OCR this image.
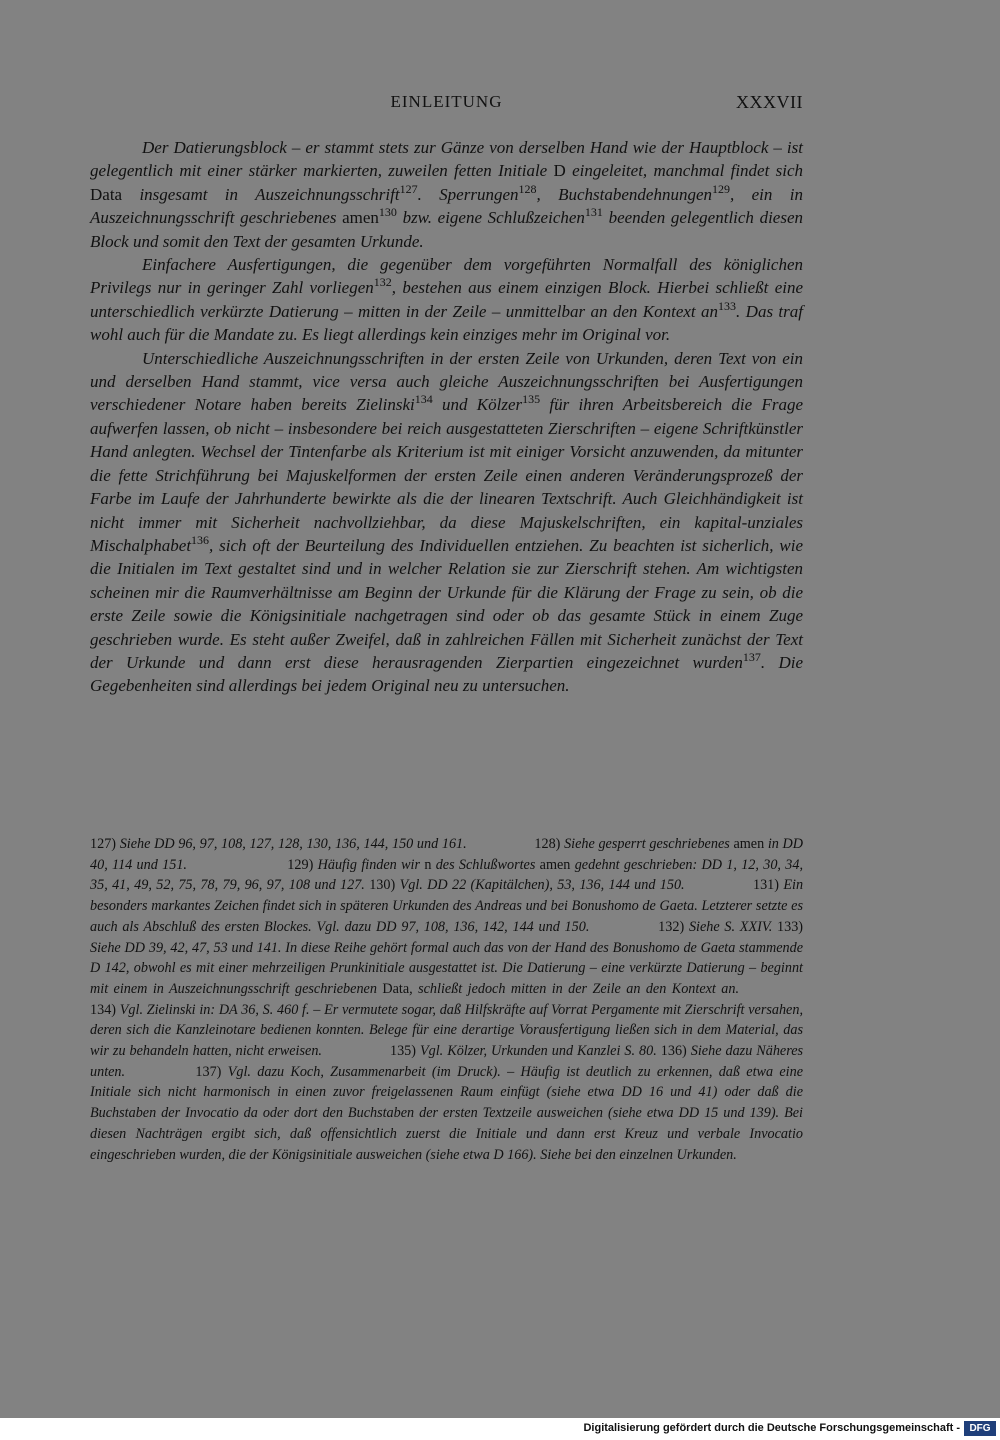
EINLEITUNG	XXXVII

Der Datierungsblock – er stammt stets zur Gänze von derselben Hand wie der Hauptblock – ist gelegentlich mit einer stärker markierten, zuweilen fetten Initiale D eingeleitet, manchmal findet sich Data insgesamt in Auszeichnungsschrift$^{127}$. Sperrungen$^{128}$, Buchstabendehnungen$^{129}$, ein in Auszeichnungsschrift geschriebenes amen$^{130}$ bzw. eigene Schlußzeichen$^{131}$ beenden gelegentlich diesen Block und somit den Text der gesamten Urkunde.

Einfachere Ausfertigungen, die gegenüber dem vorgeführten Normalfall des königlichen Privilegs nur in geringer Zahl vorliegen$^{132}$, bestehen aus einem einzigen Block. Hierbei schließt eine unterschiedlich verkürzte Datierung – mitten in der Zeile – unmittelbar an den Kontext $an^{133}$. Das traf wohl auch für die Mandate zu. Es liegt allerdings kein einziges mehr im Original vor.

Unterschiedliche Auszeichnungsschriften in der ersten Zeile von Urkunden, deren Text von ein und derselben Hand stammt, vice versa auch gleiche Auszeichnungsschriften bei Ausfertigungen verschiedener Notare haben bereits Zielinski$^{134}$ und Kölzer$^{135}$ für ihren Arbeitsbereich die Frage aufwerfen lassen, ob nicht – insbesondere bei reich ausgestatteten Zierschriften – eigene Schriftkünstler Hand anlegten. Wechsel der Tintenfarbe als Kriterium ist mit einiger Vorsicht anzuwenden, da mitunter die fette Strichführung bei Majuskelformen der ersten Zeile einen anderen Veränderungsprozeß der Farbe im Laufe der Jahrhunderte bewirkte als die der linearen Textschrift. Auch Gleichhändigkeit ist nicht immer mit Sicherheit nachvollziehbar, da diese Majuskelschriften, ein kapital-unziales Mischalphabet$^{136}$, sich oft der Beurteilung des Individuellen entziehen. Zu beachten ist sicherlich, wie die Initialen im Text gestaltet sind und in welcher Relation sie zur Zierschrift stehen. Am wichtigsten scheinen mir die Raumverhältnisse am Beginn der Urkunde für die Klärung der Frage zu sein, ob die erste Zeile sowie die Königsinitiale nachgetragen sind oder ob das gesamte Stück in einem Zuge geschrieben wurde. Es steht außer Zweifel, daß in zahlreichen Fällen mit Sicherheit zunächst der Text der Urkunde und dann erst diese herausragenden Zierpartien eingezeichnet wurden$^{137}$. Die Gegebenheiten sind allerdings bei jedem Original neu zu untersuchen.

127) Siehe DD 96, 97, 108, 127, 128, 130, 136, 144, 150 und 161.	128) Siehe gesperrt geschriebenes amen in DD 40, 114 und 151.	129) Häufig finden wir n des Schlußwortes amen gedehnt geschrieben: DD 1, 12, 30, 34, 35, 41, 49, 52, 75, 78, 79, 96, 97, 108 und 127. 130) Vgl. DD 22 (Kapitälchen), 53, 136, 144 und 150.	131) Ein besonders markantes Zeichen findet sich in späteren Urkunden des Andreas und bei Bonushomo de Gaeta. Letzterer setzte es auch als Abschluß des ersten Blockes. Vgl. dazu DD 97, 108, 136, 142, 144 und 150.	132) Siehe S. XXIV. 133) Siehe DD 39, 42, 47, 53 und 141. In diese Reihe gehört formal auch das von der Hand des Bonushomo de Gaeta stammende D 142, obwohl es mit einer mehrzeiligen Prunkinitiale ausgestattet ist. Die Datierung – eine verkürzte Datierung – beginnt mit einem in Auszeichnungsschrift geschriebenen Data, schließt jedoch mitten in der Zeile an den Kontext an. 134) Vgl. Zielinski in: DA 36, S. 460 f. – Er vermutete sogar, daß Hilfskräfte auf Vorrat Pergamente mit Zierschrift versahen, deren sich die Kanzleinotare bedienen konnten. Belege für eine derartige Vorausfertigung ließen sich in dem Material, das wir zu behandeln hatten, nicht erweisen.	135) Vgl. Kölzer, Urkunden und Kanzlei S. 80. 136) Siehe dazu Näheres unten.	137) Vgl. dazu Koch, Zusammenarbeit (im Druck). – Häufig ist deutlich zu erkennen, daß etwa eine Initiale sich nicht harmonisch in einen zuvor freigelassenen Raum einfügt (siehe etwa DD 16 und 41) oder daß die Buchstaben der Invocatio da oder dort den Buchstaben der ersten Textzeile ausweichen (siehe etwa DD 15 und 139). Bei diesen Nachträgen ergibt sich, daß offensichtlich zuerst die Initiale und dann erst Kreuz und verbale Invocatio eingeschrieben wurden, die der Königsinitiale ausweichen (siehe etwa D 166). Siehe bei den einzelnen Urkunden.
Digitalisierung gefördert durch die Deutsche Forschungsgemeinschaft - DFG
